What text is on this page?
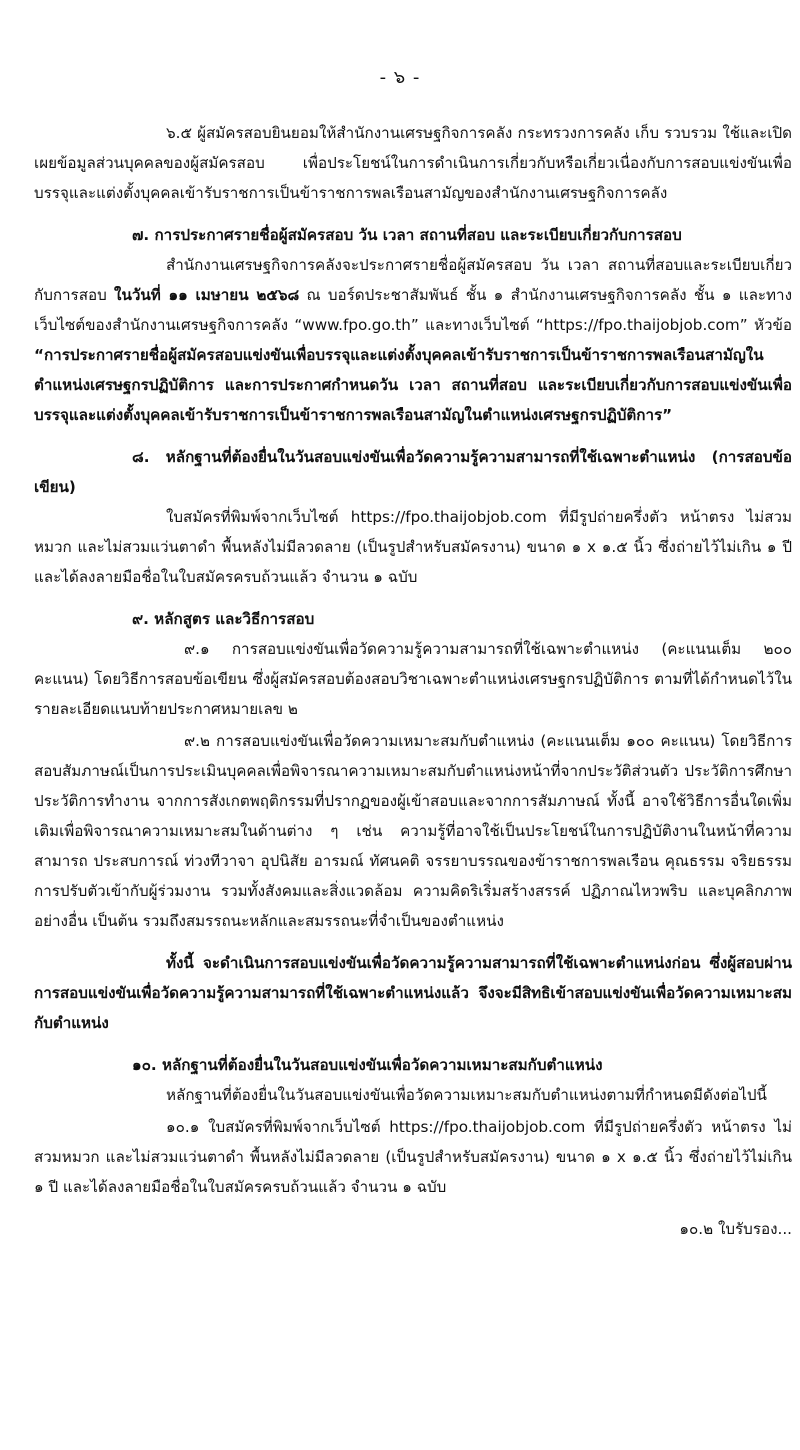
- ๖ -

๖.๕ ผู้สมัครสอบยินยอมให้สำนักงานเศรษฐกิจการคลัง กระทรวงการคลัง เก็บ รวบรวม ใช้และเปิดเผยข้อมูลส่วนบุคคลของผู้สมัครสอบ เพื่อประโยชน์ในการดำเนินการเกี่ยวกับหรือเกี่ยวเนื่องกับการสอบแข่งขันเพื่อบรรจุและแต่งตั้งบุคคลเข้ารับราชการเป็นข้าราชการพลเรือนสามัญของสำนักงานเศรษฐกิจการคลัง

๗. การประกาศรายชื่อผู้สมัครสอบ วัน เวลา สถานที่สอบ และระเบียบเกี่ยวกับการสอบ

สำนักงานเศรษฐกิจการคลังจะประกาศรายชื่อผู้สมัครสอบ วัน เวลา สถานที่สอบและระเบียบเกี่ยวกับการสอบ ในวันที่ ๑๑ เมษายน ๒๕๖๘ ณ บอร์ดประชาสัมพันธ์ ชั้น ๑ สำนักงานเศรษฐกิจการคลัง ชั้น ๑ และทางเว็บไซต์ของสำนักงานเศรษฐกิจการคลัง “www.fpo.go.th” และทางเว็บไซต์ “https://fpo.thaijobjob.com” หัวข้อ “การประกาศรายชื่อผู้สมัครสอบแข่งขันเพื่อบรรจุและแต่งตั้งบุคคลเข้ารับราชการเป็นข้าราชการพลเรือนสามัญในตำแหน่งเศรษฐกรปฏิบัติการ และการประกาศกำหนดวัน เวลา สถานที่สอบ และระเบียบเกี่ยวกับการสอบแข่งขันเพื่อบรรจุและแต่งตั้งบุคคลเข้ารับราชการเป็นข้าราชการพลเรือนสามัญในตำแหน่งเศรษฐกรปฏิบัติการ”

๘. หลักฐานที่ต้องยื่นในวันสอบแข่งขันเพื่อวัดความรู้ความสามารถที่ใช้เฉพาะตำแหน่ง (การสอบข้อเขียน)

ใบสมัครที่พิมพ์จากเว็บไซต์ https://fpo.thaijobjob.com ที่มีรูปถ่ายครึ่งตัว หน้าตรง ไม่สวมหมวก และไม่สวมแว่นตาดำ พื้นหลังไม่มีลวดลาย (เป็นรูปสำหรับสมัครงาน) ขนาด ๑ x ๑.๕ นิ้ว ซึ่งถ่ายไว้ไม่เกิน ๑ ปี และได้ลงลายมือชื่อในใบสมัครครบถ้วนแล้ว จำนวน ๑ ฉบับ

๙. หลักสูตร และวิธีการสอบ

๙.๑ การสอบแข่งขันเพื่อวัดความรู้ความสามารถที่ใช้เฉพาะตำแหน่ง (คะแนนเต็ม ๒๐๐ คะแนน) โดยวิธีการสอบข้อเขียน ซึ่งผู้สมัครสอบต้องสอบวิชาเฉพาะตำแหน่งเศรษฐกรปฏิบัติการ ตามที่ได้กำหนดไว้ในรายละเอียดแนบท้ายประกาศหมายเลข ๒

๙.๒ การสอบแข่งขันเพื่อวัดความเหมาะสมกับตำแหน่ง (คะแนนเต็ม ๑๐๐ คะแนน) โดยวิธีการสอบสัมภาษณ์เป็นการประเมินบุคคลเพื่อพิจารณาความเหมาะสมกับตำแหน่งหน้าที่จากประวัติส่วนตัว ประวัติการศึกษา ประวัติการทำงาน จากการสังเกตพฤติกรรมที่ปรากฏของผู้เข้าสอบและจากการสัมภาษณ์ ทั้งนี้ อาจใช้วิธีการอื่นใดเพิ่มเติมเพื่อพิจารณาความเหมาะสมในด้านต่าง ๆ เช่น ความรู้ที่อาจใช้เป็นประโยชน์ในการปฏิบัติงานในหน้าที่ความสามารถ ประสบการณ์ ท่วงทีวาจา อุปนิสัย อารมณ์ ทัศนคติ จรรยาบรรณของข้าราชการพลเรือน คุณธรรม จริยธรรม การปรับตัวเข้ากับผู้ร่วมงาน รวมทั้งสังคมและสิ่งแวดล้อม ความคิดริเริ่มสร้างสรรค์ ปฏิภาณไหวพริบ และบุคลิกภาพอย่างอื่น เป็นต้น รวมถึงสมรรถนะหลักและสมรรถนะที่จำเป็นของตำแหน่ง

ทั้งนี้ จะดำเนินการสอบแข่งขันเพื่อวัดความรู้ความสามารถที่ใช้เฉพาะตำแหน่งก่อน ซึ่งผู้สอบผ่านการสอบแข่งขันเพื่อวัดความรู้ความสามารถที่ใช้เฉพาะตำแหน่งแล้ว จึงจะมีสิทธิเข้าสอบแข่งขันเพื่อวัดความเหมาะสมกับตำแหน่ง

๑๐. หลักฐานที่ต้องยื่นในวันสอบแข่งขันเพื่อวัดความเหมาะสมกับตำแหน่ง

หลักฐานที่ต้องยื่นในวันสอบแข่งขันเพื่อวัดความเหมาะสมกับตำแหน่งตามที่กำหนดมีดังต่อไปนี้

๑๐.๑ ใบสมัครที่พิมพ์จากเว็บไซต์ https://fpo.thaijobjob.com ที่มีรูปถ่ายครึ่งตัว หน้าตรง ไม่สวมหมวก และไม่สวมแว่นตาดำ พื้นหลังไม่มีลวดลาย (เป็นรูปสำหรับสมัครงาน) ขนาด ๑ x ๑.๕ นิ้ว ซึ่งถ่ายไว้ไม่เกิน ๑ ปี และได้ลงลายมือชื่อในใบสมัครครบถ้วนแล้ว จำนวน ๑ ฉบับ

๑๐.๒ ใบรับรอง...
